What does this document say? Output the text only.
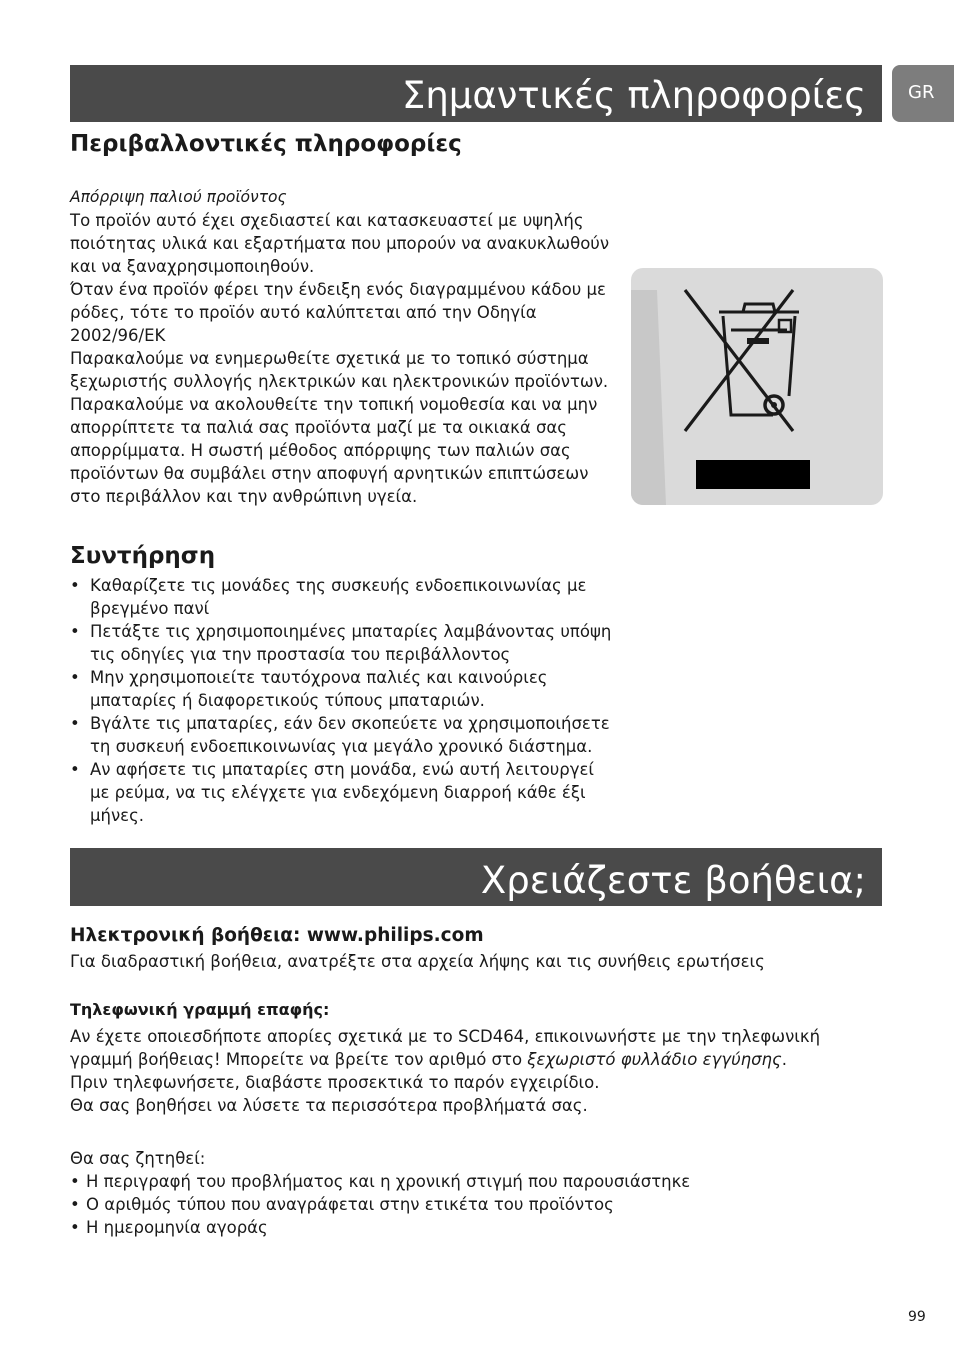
Σημαντικές πληροφορίες	GR
Περιβαλλοντικές πληροφορίες
Απόρριψη παλιού προϊόντος
Το προϊόν αυτό έχει σχεδιαστεί και κατασκευαστεί με υψηλής ποιότητας υλικά και εξαρτήματα που μπορούν να ανακυκλωθούν και να ξαναχρησιμοποιηθούν.
Όταν ένα προϊόν φέρει την ένδειξη ενός διαγραμμένου κάδου με ρόδες, τότε το προϊόν αυτό καλύπτεται από την Οδηγία 2002/96/ΕΚ
Παρακαλούμε να ενημερωθείτε σχετικά με το τοπικό σύστημα ξεχωριστής συλλογής ηλεκτρικών και ηλεκτρονικών προϊόντων.
Παρακαλούμε να ακολουθείτε την τοπική νομοθεσία και να μην απορρίπτετε τα παλιά σας προϊόντα μαζί με τα οικιακά σας απορρίμματα. Η σωστή μέθοδος απόρριψης των παλιών σας προϊόντων θα συμβάλει στην αποφυγή αρνητικών επιπτώσεων στο περιβάλλον και την ανθρώπινη υγεία.
Συντήρηση
• Καθαρίζετε τις μονάδες της συσκευής ενδοεπικοινωνίας με βρεγμένο πανί
• Πετάξτε τις χρησιμοποιημένες μπαταρίες λαμβάνοντας υπόψη τις οδηγίες για την προστασία του περιβάλλοντος
• Μην χρησιμοποιείτε ταυτόχρονα παλιές και καινούριες μπαταρίες ή διαφορετικούς τύπους μπαταριών.
• Βγάλτε τις μπαταρίες, εάν δεν σκοπεύετε να χρησιμοποιήσετε τη συσκευή ενδοεπικοινωνίας για μεγάλο χρονικό διάστημα.
• Αν αφήσετε τις μπαταρίες στη μονάδα, ενώ αυτή λειτουργεί με ρεύμα, να τις ελέγχετε για ενδεχόμενη διαρροή κάθε έξι μήνες.
Χρειάζεστε βοήθεια;
Ηλεκτρονική βοήθεια: www.philips.com
Για διαδραστική βοήθεια, ανατρέξτε στα αρχεία λήψης και τις συνήθεις ερωτήσεις
Τηλεφωνική γραμμή επαφής:
Αν έχετε οποιεσδήποτε απορίες σχετικά με το SCD464, επικοινωνήστε με την τηλεφωνική γραμμή βοήθειας! Μπορείτε να βρείτε τον αριθμό στο ξεχωριστό φυλλάδιο εγγύησης.
Πριν τηλεφωνήσετε, διαβάστε προσεκτικά το παρόν εγχειρίδιο.
Θα σας βοηθήσει να λύσετε τα περισσότερα προβλήματά σας.
Θα σας ζητηθεί:
• Η περιγραφή του προβλήματος και η χρονική στιγμή που παρουσιάστηκε
• Ο αριθμός τύπου που αναγράφεται στην ετικέτα του προϊόντος
• Η ημερομηνία αγοράς
99
